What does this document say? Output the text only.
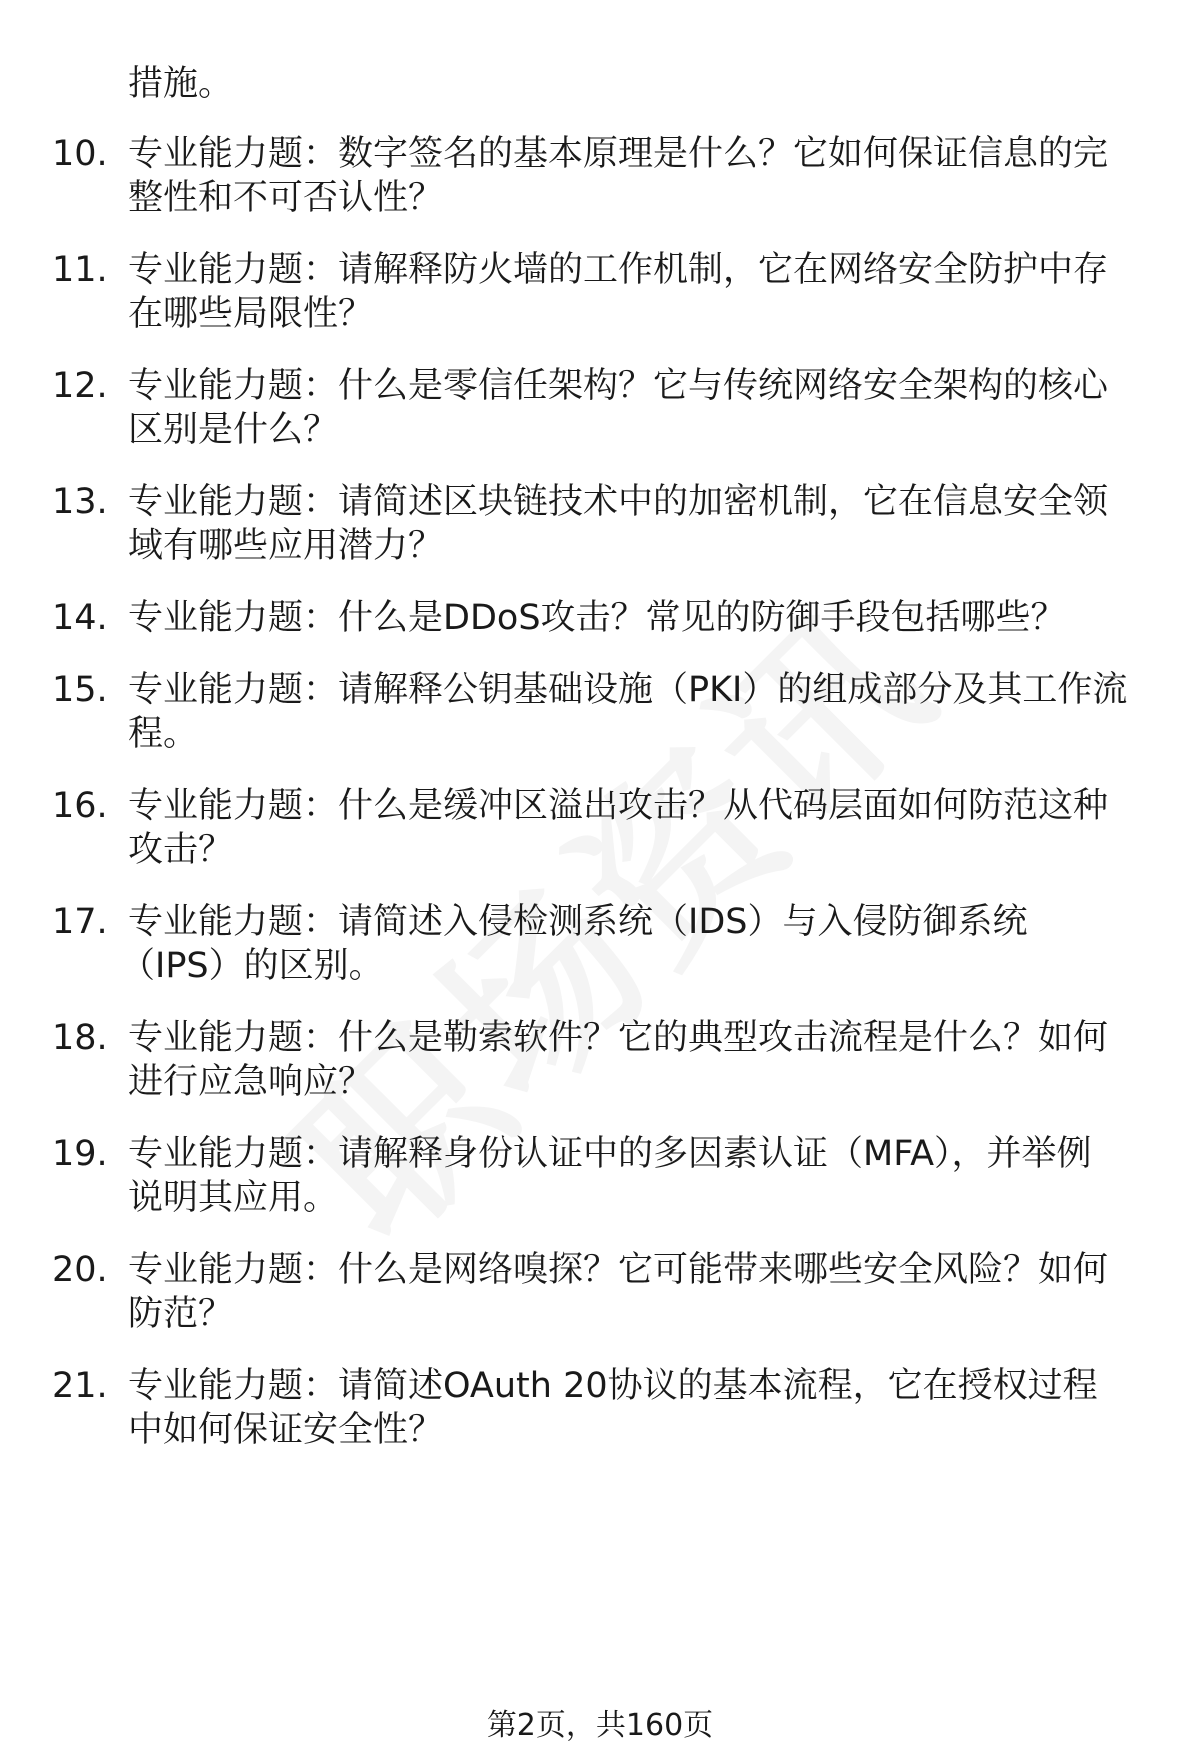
措施。
10. 专业能力题：数字签名的基本原理是什么？它如何保证信息的完
整性和不可否认性？
11. 专业能力题：请解释防火墙的工作机制，它在网络安全防护中存
在哪些局限性？
12. 专业能力题：什么是零信任架构？它与传统网络安全架构的核心
区别是什么？
13. 专业能力题：请简述区块链技术中的加密机制，它在信息安全领
域有哪些应用潜力？
14. 专业能力题：什么是DDoS攻击？常见的防御手段包括哪些？
15. 专业能力题：请解释公钥基础设施（PKI）的组成部分及其工作流
程。
16. 专业能力题：什么是缓冲区溢出攻击？从代码层面如何防范这种
攻击？
17. 专业能力题：请简述入侵检测系统（IDS）与入侵防御系统
（IPS）的区别。
18. 专业能力题：什么是勒索软件？它的典型攻击流程是什么？如何
进行应急响应？
19. 专业能力题：请解释身份认证中的多因素认证（MFA），并举例
说明其应用。
20. 专业能力题：什么是网络嗅探？它可能带来哪些安全风险？如何
防范？
21. 专业能力题：请简述OAuth 20协议的基本流程，它在授权过程
中如何保证安全性？
第2页，共160页
